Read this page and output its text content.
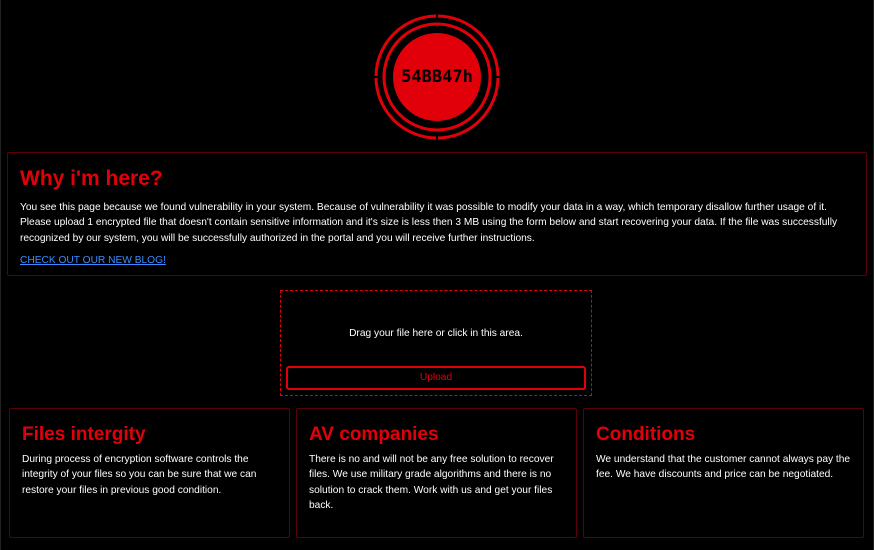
54BB47h
Why i'm here?

You see this page because we found vulnerability in your system. Because of vulnerability it was possible to modify your data in a way, which temporary disallow further usage of it. Please upload 1 encrypted file that doesn't contain sensitive information and it's size is less then 3 MB using the form below and start recovering your data. If the file was successfully recognized by our system, you will be successfully authorized in the portal and you will receive further instructions.

CHECK OUT OUR NEW BLOG!
Drag your file here or click in this area.
Upload
Files intergity

During process of encryption software controls the integrity of your files so you can be sure that we can restore your files in previous good condition.

AV companies

There is no and will not be any free solution to recover files. We use military grade algorithms and there is no solution to crack them. Work with us and get your files back.

Conditions

We understand that the customer cannot always pay the fee. We have discounts and price can be negotiated.
